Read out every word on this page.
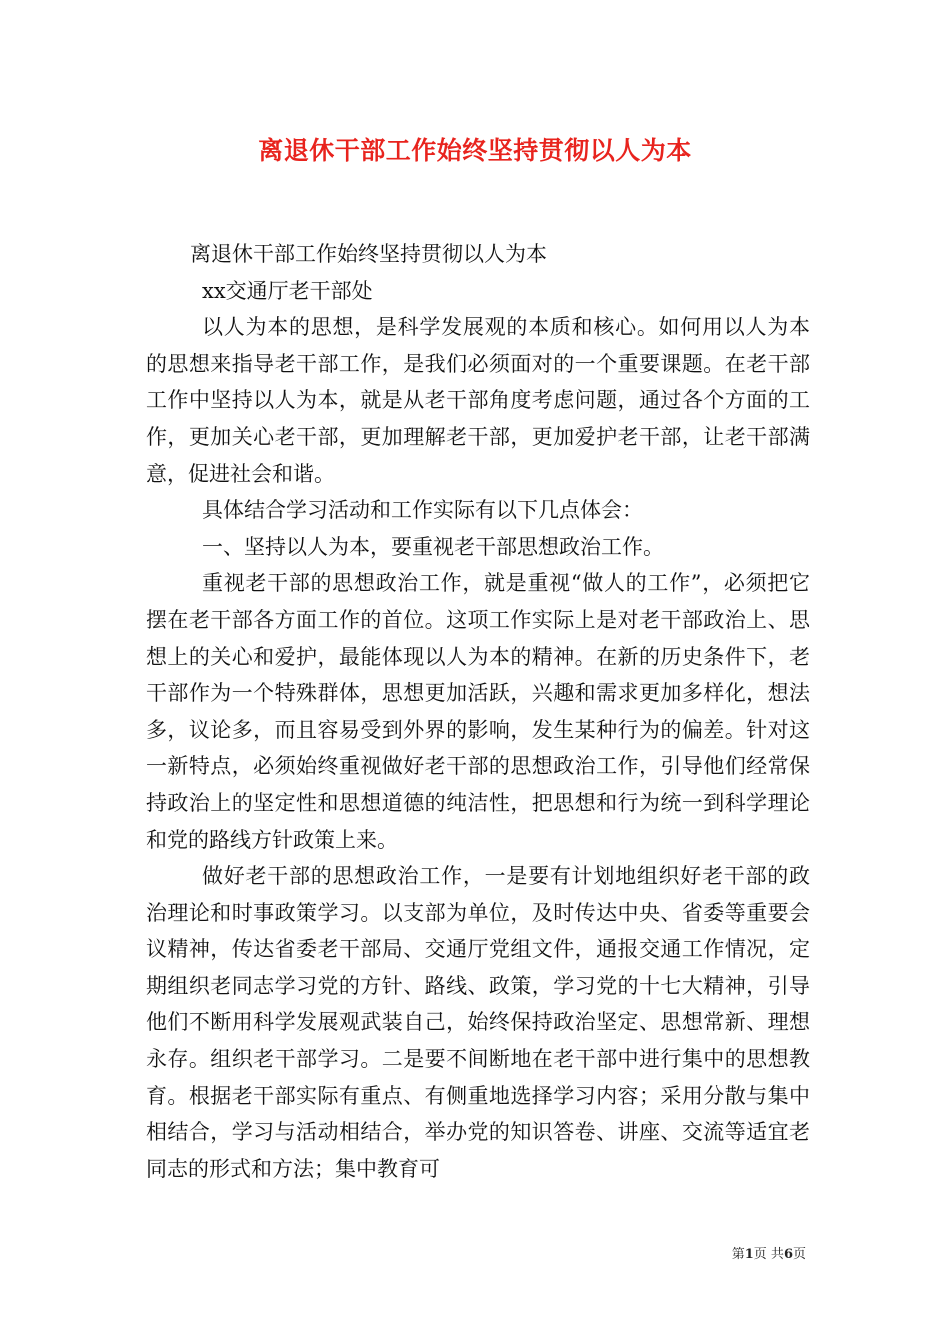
离退休干部工作始终坚持贯彻以人为本

离退休干部工作始终坚持贯彻以人为本

xx交通厅老干部处

以人为本的思想，是科学发展观的本质和核心。如何用以人为本的思想来指导老干部工作，是我们必须面对的一个重要课题。在老干部工作中坚持以人为本，就是从老干部角度考虑问题，通过各个方面的工作，更加关心老干部，更加理解老干部，更加爱护老干部，让老干部满意，促进社会和谐。

具体结合学习活动和工作实际有以下几点体会：

一、坚持以人为本，要重视老干部思想政治工作。

重视老干部的思想政治工作，就是重视“做人的工作”，必须把它摆在老干部各方面工作的首位。这项工作实际上是对老干部政治上、思想上的关心和爱护，最能体现以人为本的精神。在新的历史条件下，老干部作为一个特殊群体，思想更加活跃，兴趣和需求更加多样化，想法多，议论多，而且容易受到外界的影响，发生某种行为的偏差。针对这一新特点，必须始终重视做好老干部的思想政治工作，引导他们经常保持政治上的坚定性和思想道德的纯洁性，把思想和行为统一到科学理论和党的路线方针政策上来。

做好老干部的思想政治工作，一是要有计划地组织好老干部的政治理论和时事政策学习。以支部为单位，及时传达中央、省委等重要会议精神，传达省委老干部局、交通厅党组文件，通报交通工作情况，定期组织老同志学习党的方针、路线、政策，学习党的十七大精神，引导他们不断用科学发展观武装自己，始终保持政治坚定、思想常新、理想永存。组织老干部学习。二是要不间断地在老干部中进行集中的思想教育。根据老干部实际有重点、有侧重地选择学习内容；采用分散与集中相结合，学习与活动相结合，举办党的知识答卷、讲座、交流等适宜老同志的形式和方法；集中教育可

第1页 共6页
